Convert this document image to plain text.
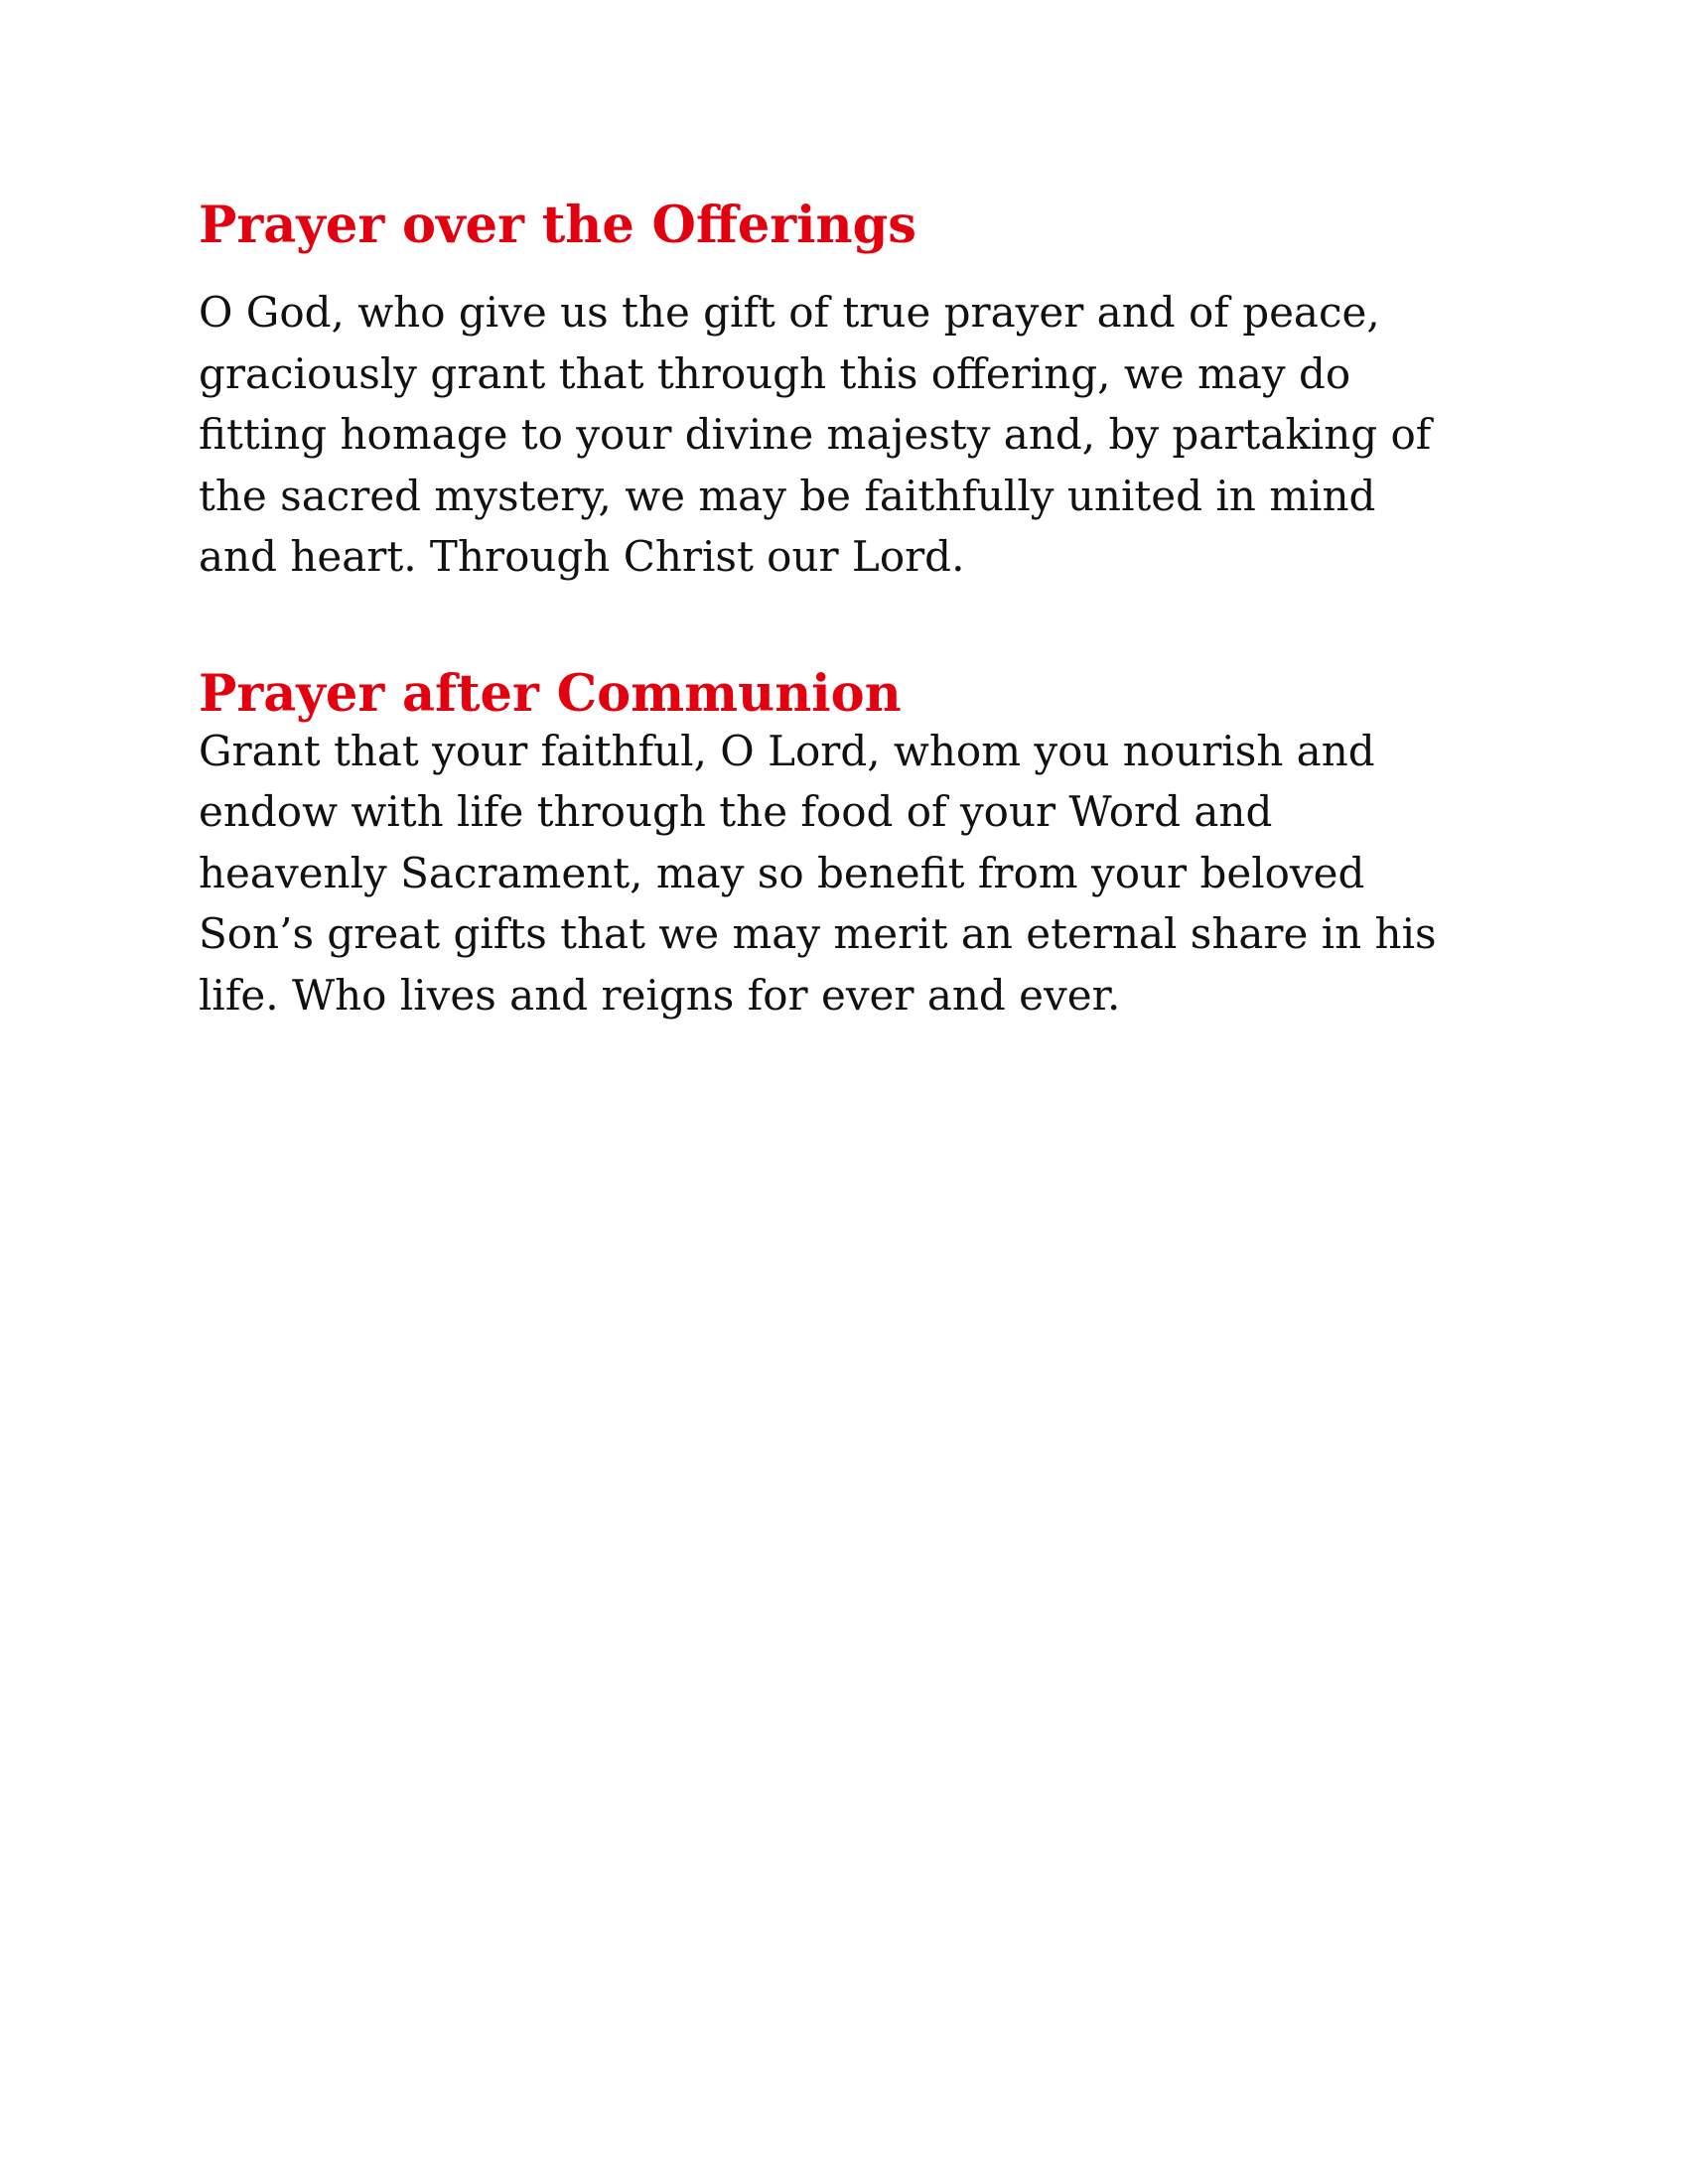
Prayer over the Offerings

O God, who give us the gift of true prayer and of peace,
graciously grant that through this offering, we may do
fitting homage to your divine majesty and, by partaking of
the sacred mystery, we may be faithfully united in mind
and heart. Through Christ our Lord.

Prayer after Communion

Grant that your faithful, O Lord, whom you nourish and
endow with life through the food of your Word and
heavenly Sacrament, may so benefit from your beloved
Son’s great gifts that we may merit an eternal share in his
life. Who lives and reigns for ever and ever.
